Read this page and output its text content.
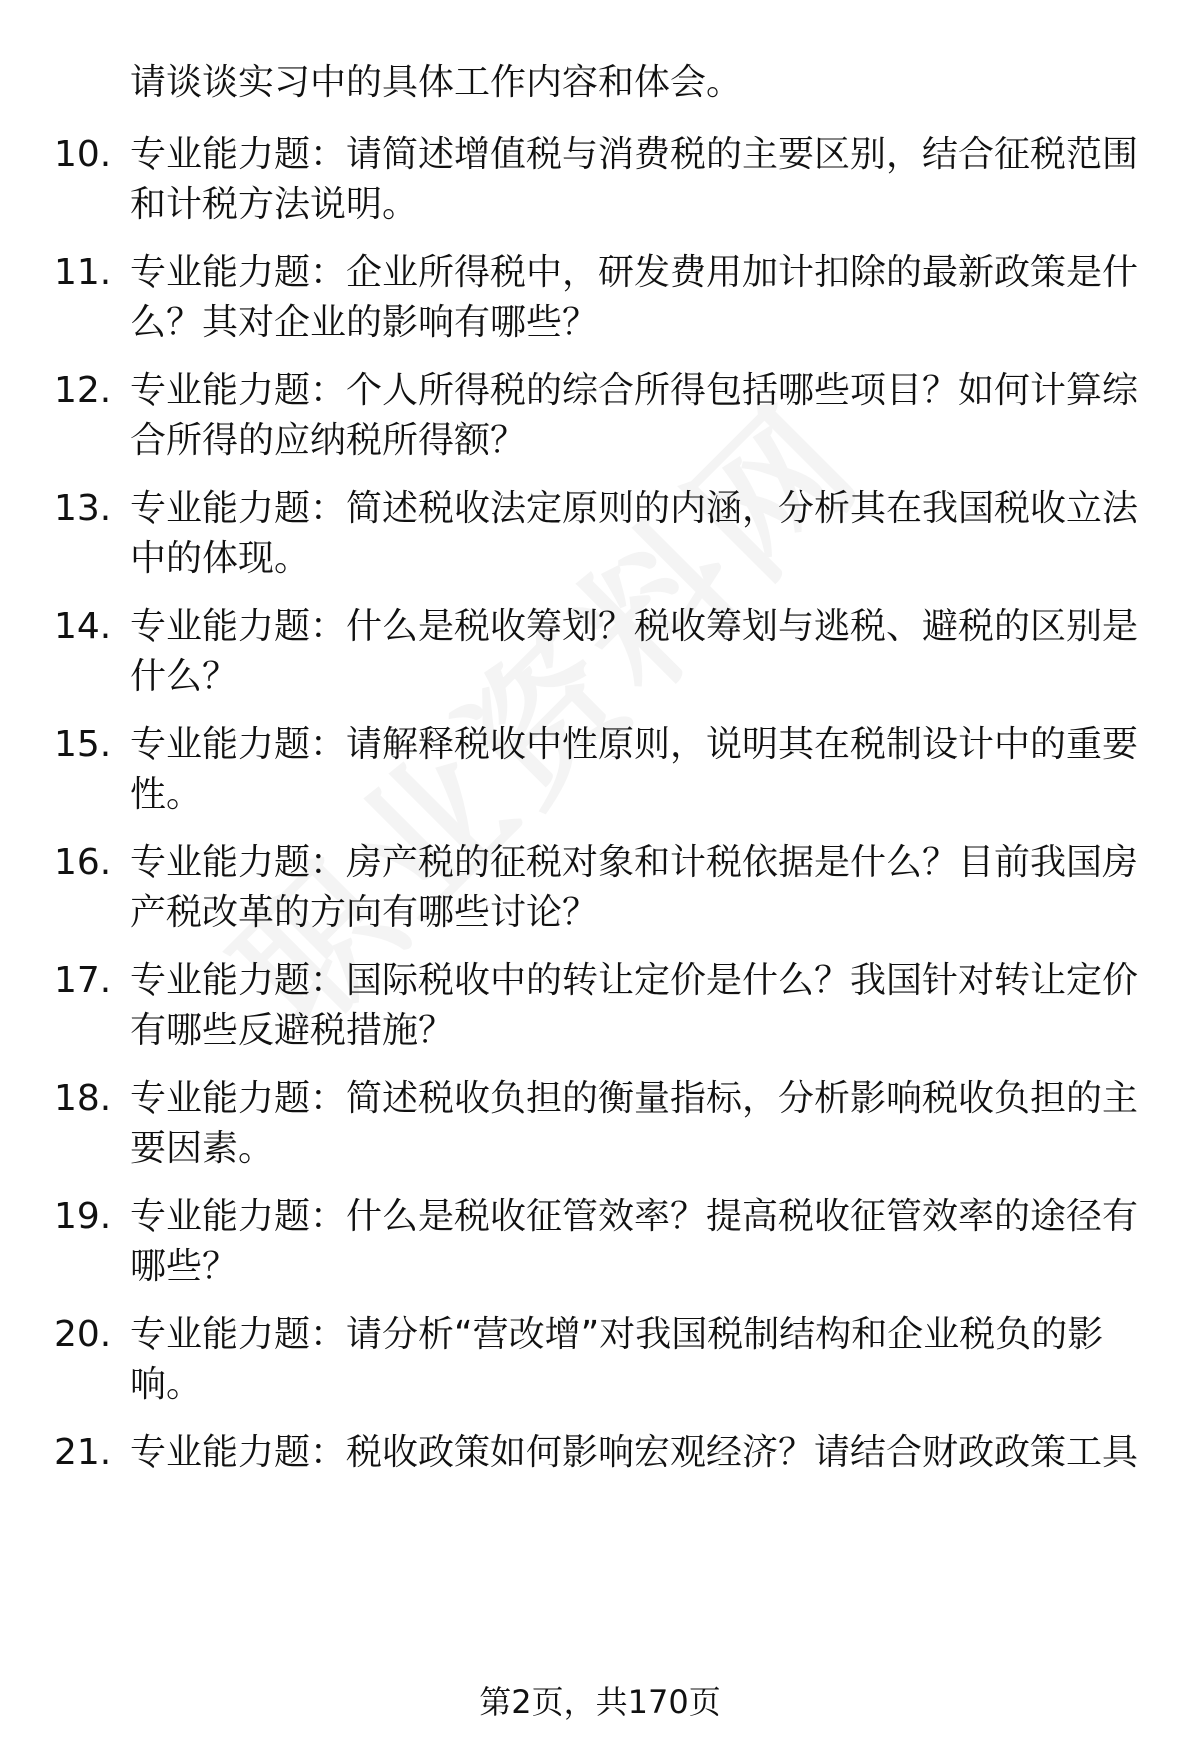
请谈谈实习中的具体工作内容和体会。
10. 专业能力题：请简述增值税与消费税的主要区别，结合征税范围
和计税方法说明。
11. 专业能力题：企业所得税中，研发费用加计扣除的最新政策是什
么？其对企业的影响有哪些？
12. 专业能力题：个人所得税的综合所得包括哪些项目？如何计算综
合所得的应纳税所得额？
13. 专业能力题：简述税收法定原则的内涵，分析其在我国税收立法
中的体现。
14. 专业能力题：什么是税收筹划？税收筹划与逃税、避税的区别是
什么？
15. 专业能力题：请解释税收中性原则，说明其在税制设计中的重要
性。
16. 专业能力题：房产税的征税对象和计税依据是什么？目前我国房
产税改革的方向有哪些讨论？
17. 专业能力题：国际税收中的转让定价是什么？我国针对转让定价
有哪些反避税措施？
18. 专业能力题：简述税收负担的衡量指标，分析影响税收负担的主
要因素。
19. 专业能力题：什么是税收征管效率？提高税收征管效率的途径有
哪些？
20. 专业能力题：请分析“营改增”对我国税制结构和企业税负的影
响。
21. 专业能力题：税收政策如何影响宏观经济？请结合财政政策工具
第2页，共170页
